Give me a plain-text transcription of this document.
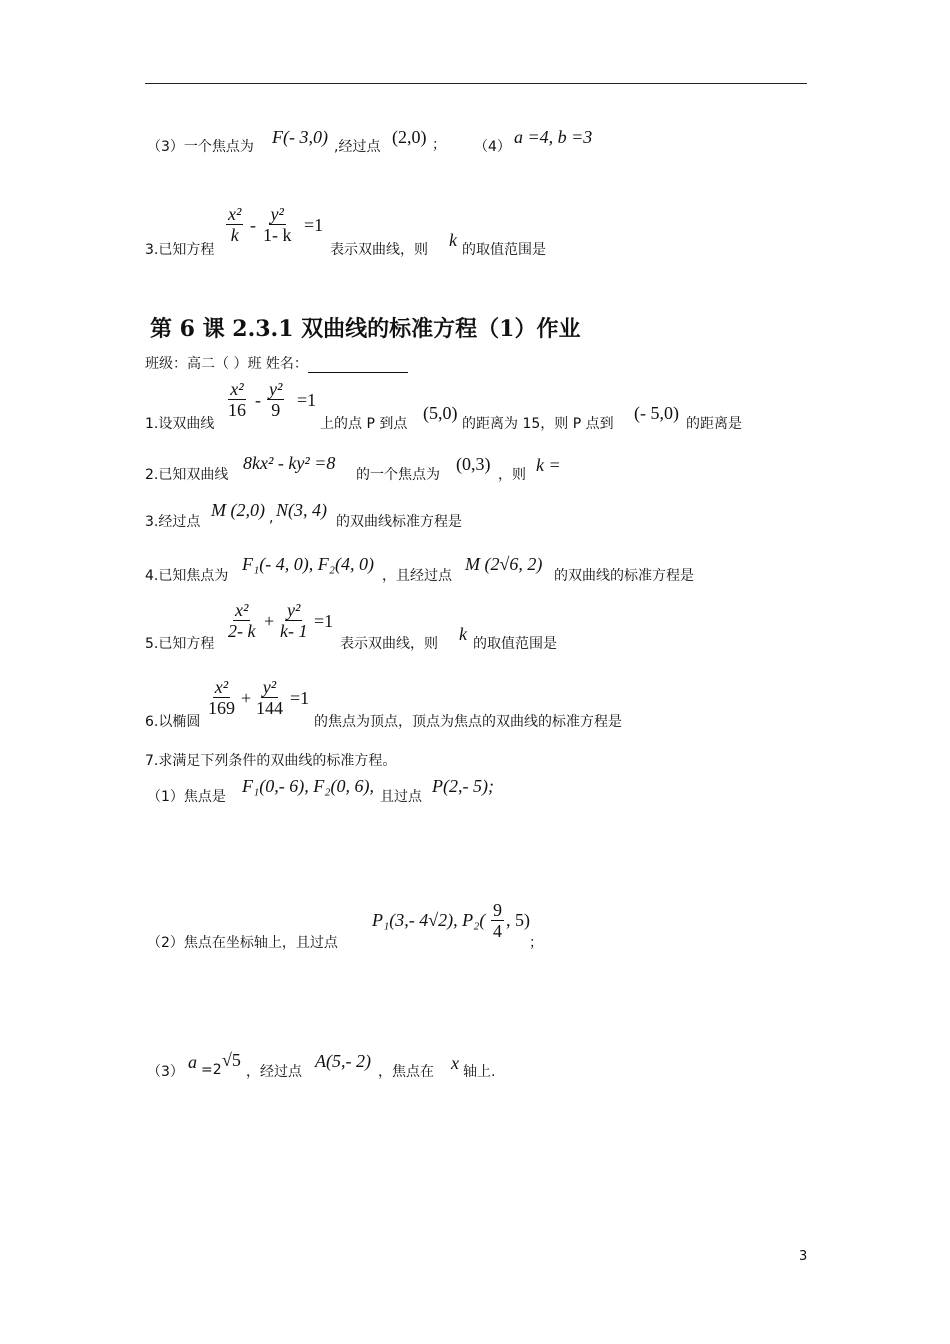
（3）一个焦点为 F(- 3,0) ,经过点 (2,0) ； （4） a =4, b =3
3.已知方程
$\frac{\text{x²}}{k} - \frac{\text{y²}}{1- k} =1$
表示双曲线，则 k 的取值范围是
第 6 课 2.3.1 双曲线的标准方程（1）作业
班级：高二（ ）班 姓名：
1.设双曲线
$\frac{\text{x²}}{16} - \frac{\text{y²}}{9} =1$
上的点 P 到点
(5,0)
的距离为 15，则 P 点到
(- 5,0)
的距离是
2.已知双曲线
8kx² - ky² =8
的一个焦点为
(0,3)
，则 k =
3.经过点
M (2,0) , N(3, 4)
的双曲线标准方程是
4.已知焦点为
F₁(- 4, 0), F₂(4, 0)
，且经过点
M (2√6, 2)
的双曲线的标准方程是
5.已知方程
$\frac{\text{x²}}{2- k} + \frac{\text{y²}}{k- 1} =1$
表示双曲线，则 k 的取值范围是
6.以椭圆
$\frac{\text{x²}}{169} + \frac{\text{y²}}{144} =1$
的焦点为顶点，顶点为焦点的双曲线的标准方程是
7.求满足下列条件的双曲线的标准方程。
（1）焦点是
F₁(0,- 6), F₂(0, 6),
且过点
P(2,- 5);
（2）焦点在坐标轴上，且过点
P₁(3,- 4√2), $P_2( \frac{9}{4}$ , 5)
；
（3） a =2 √5
，经过点
A(5,- 2)
，焦点在 x 轴上.
3
